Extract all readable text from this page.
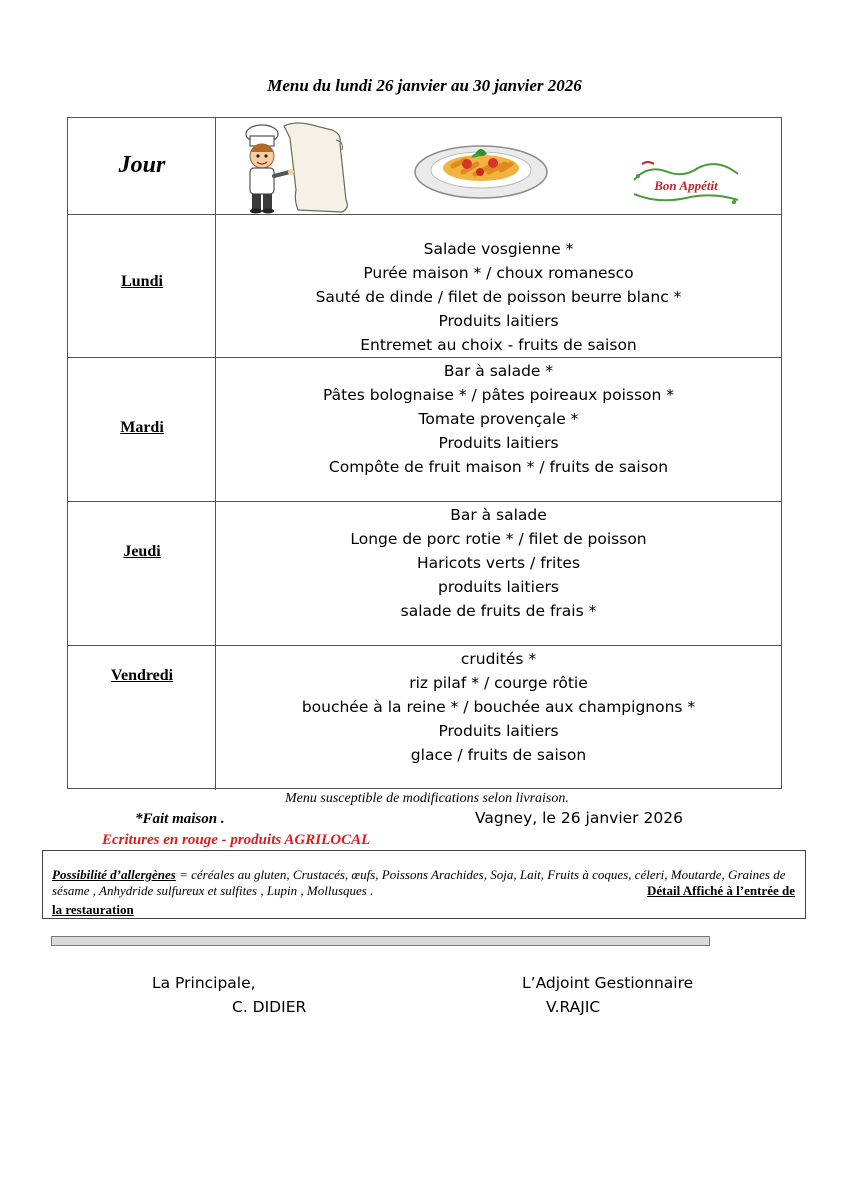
Menu du lundi 26 janvier au 30 janvier 2026
Jour
Bon Appétit
Lundi
Salade vosgienne *
Purée maison * / choux romanesco
Sauté de dinde / filet de poisson beurre blanc *
Produits laitiers
Entremet au choix - fruits de saison
Mardi
Bar à salade *
Pâtes bolognaise * / pâtes poireaux poisson *
Tomate provençale *
Produits laitiers
Compôte de fruit maison * / fruits de saison
Jeudi
Bar à salade
Longe de porc rotie * / filet de poisson
Haricots verts / frites
produits laitiers
salade de fruits de frais *
Vendredi
crudités *
riz pilaf * / courge rôtie
bouchée à la reine * / bouchée aux champignons *
Produits laitiers
glace / fruits de saison
Menu susceptible de modifications selon livraison.
*Fait maison .	Vagney, le 26 janvier 2026
Ecritures en rouge - produits AGRILOCAL
Possibilité d’allergènes = céréales au gluten, Crustacés, œufs, Poissons Arachides, Soja, Lait, Fruits à coques, céleri, Moutarde, Graines de sésame , Anhydride sulfureux et sulfites , Lupin , Mollusques .	Détail Affiché à l’entrée de
la restauration
La Principale,
C. DIDIER
L’Adjoint Gestionnaire
V.RAJIC
